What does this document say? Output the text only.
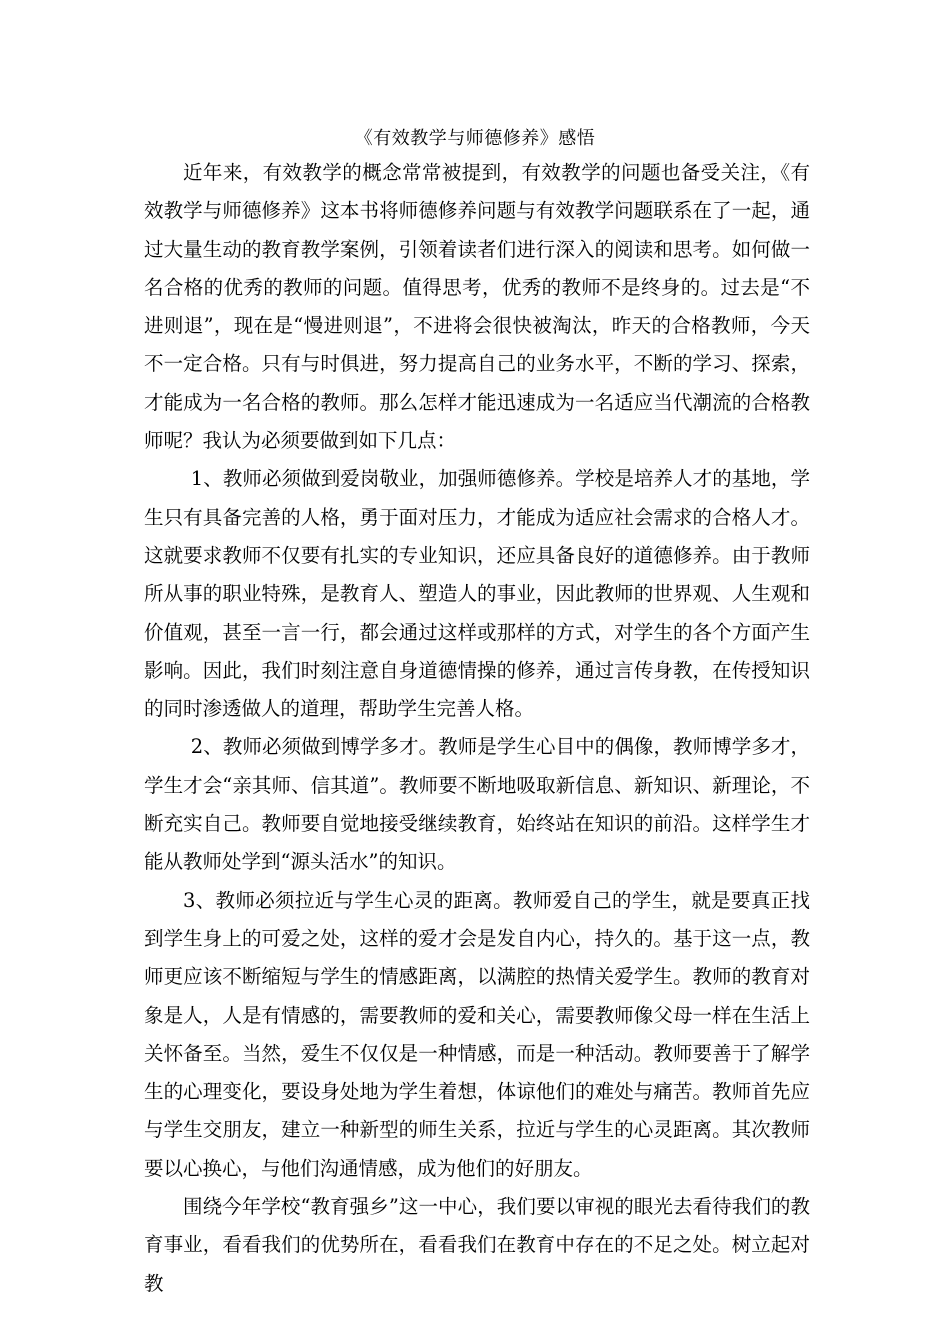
《有效教学与师德修养》感悟

近年来，有效教学的概念常常被提到，有效教学的问题也备受关注，《有效教学与师德修养》这本书将师德修养问题与有效教学问题联系在了一起，通过大量生动的教育教学案例，引领着读者们进行深入的阅读和思考。如何做一名合格的优秀的教师的问题。值得思考，优秀的教师不是终身的。过去是“不进则退”，现在是“慢进则退”，不进将会很快被淘汰，昨天的合格教师，今天不一定合格。只有与时俱进，努力提高自己的业务水平，不断的学习、探索，才能成为一名合格的教师。那么怎样才能迅速成为一名适应当代潮流的合格教师呢？我认为必须要做到如下几点：

1、教师必须做到爱岗敬业，加强师德修养。学校是培养人才的基地，学生只有具备完善的人格，勇于面对压力，才能成为适应社会需求的合格人才。这就要求教师不仅要有扎实的专业知识，还应具备良好的道德修养。由于教师所从事的职业特殊，是教育人、塑造人的事业，因此教师的世界观、人生观和价值观，甚至一言一行，都会通过这样或那样的方式，对学生的各个方面产生影响。因此，我们时刻注意自身道德情操的修养，通过言传身教，在传授知识的同时渗透做人的道理，帮助学生完善人格。

2、教师必须做到博学多才。教师是学生心目中的偶像，教师博学多才，学生才会“亲其师、信其道”。教师要不断地吸取新信息、新知识、新理论，不断充实自己。教师要自觉地接受继续教育，始终站在知识的前沿。这样学生才能从教师处学到“源头活水”的知识。

3、教师必须拉近与学生心灵的距离。教师爱自己的学生，就是要真正找到学生身上的可爱之处，这样的爱才会是发自内心，持久的。基于这一点，教师更应该不断缩短与学生的情感距离，以满腔的热情关爱学生。教师的教育对象是人，人是有情感的，需要教师的爱和关心，需要教师像父母一样在生活上关怀备至。当然，爱生不仅仅是一种情感，而是一种活动。教师要善于了解学生的心理变化，要设身处地为学生着想，体谅他们的难处与痛苦。教师首先应与学生交朋友，建立一种新型的师生关系，拉近与学生的心灵距离。其次教师要以心换心，与他们沟通情感，成为他们的好朋友。

围绕今年学校“教育强乡”这一中心，我们要以审视的眼光去看待我们的教育事业，看看我们的优势所在，看看我们在教育中存在的不足之处。树立起对教
